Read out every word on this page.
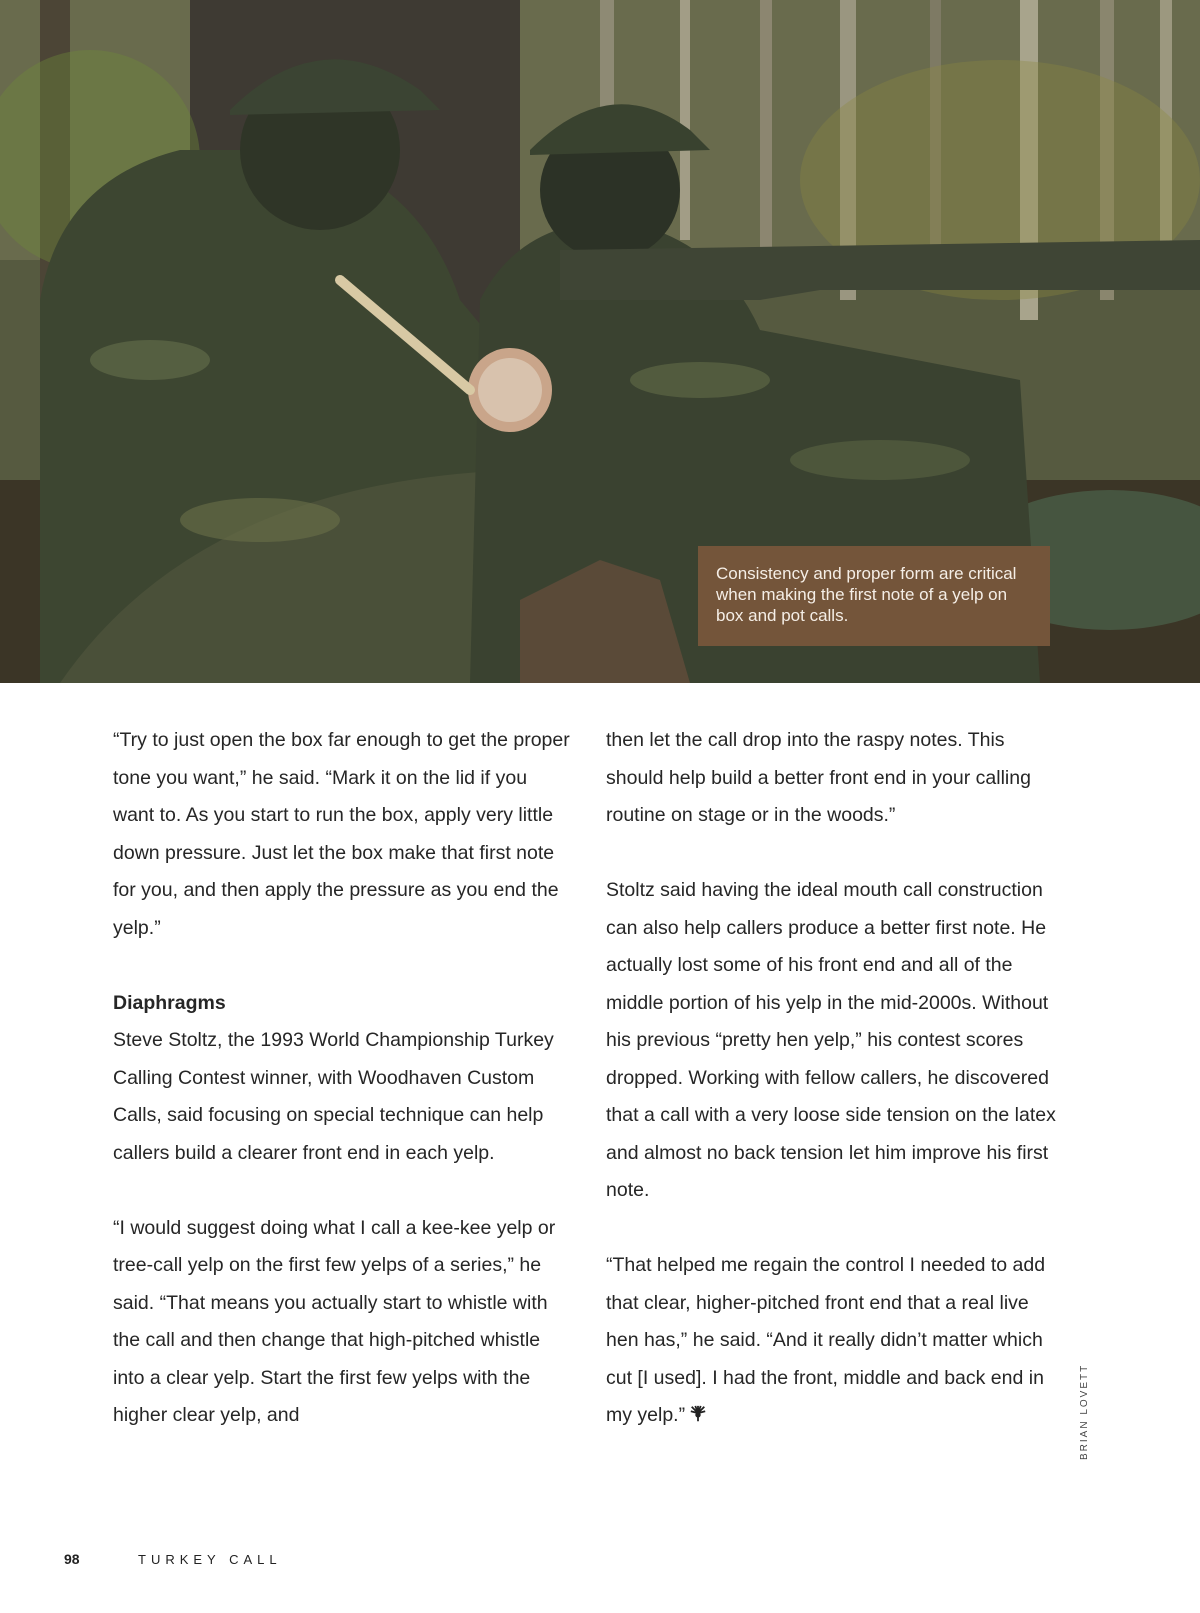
Consistency and proper form are critical when making the first note of a yelp on box and pot calls.

“Try to just open the box far enough to get the proper tone you want,” he said. “Mark it on the lid if you want to. As you start to run the box, apply very little down pressure. Just let the box make that first note for you, and then apply the pressure as you end the yelp.”

Diaphragms

Steve Stoltz, the 1993 World Championship Turkey Calling Contest winner, with Woodhaven Custom Calls, said focusing on special technique can help callers build a clearer front end in each yelp.

“I would suggest doing what I call a kee-kee yelp or tree-call yelp on the first few yelps of a series,” he said. “That means you actually start to whistle with the call and then change that high-pitched whistle into a clear yelp. Start the first few yelps with the higher clear yelp, and

then let the call drop into the raspy notes. This should help build a better front end in your calling routine on stage or in the woods.”

Stoltz said having the ideal mouth call construction can also help callers produce a better first note. He actually lost some of his front end and all of the middle portion of his yelp in the mid-2000s. Without his previous “pretty hen yelp,” his contest scores dropped. Working with fellow callers, he discovered that a call with a very loose side tension on the latex and almost no back tension let him improve his first note.

“That helped me regain the control I needed to add that clear, higher-pitched front end that a real live hen has,” he said. “And it really didn’t matter which cut [I used]. I had the front, middle and back end in my yelp.”	BRIAN LOVETT
98	TURKEY CALL
